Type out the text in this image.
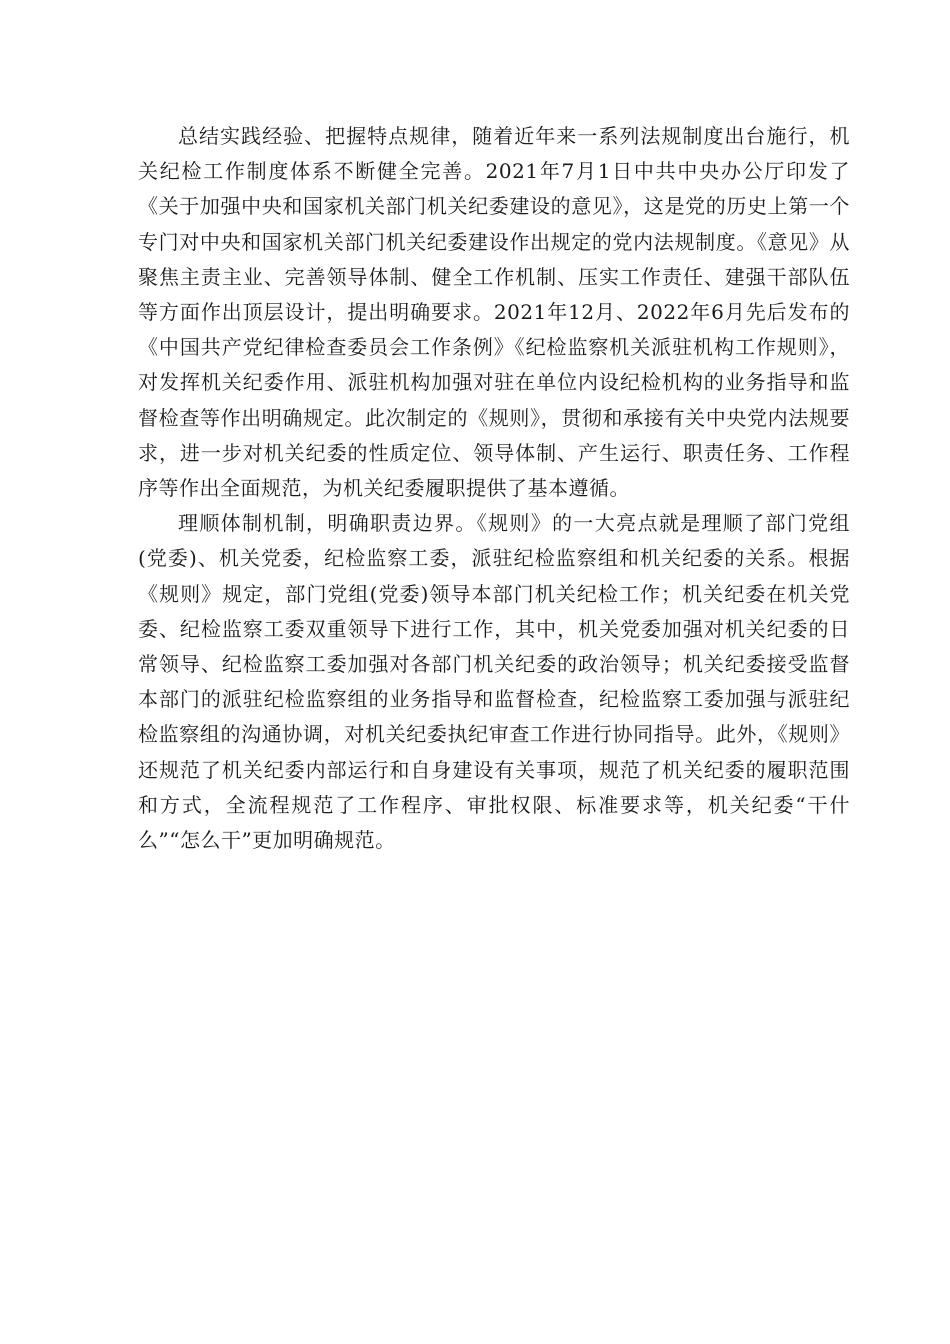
总结实践经验、把握特点规律，随着近年来一系列法规制度出台施行，机关纪检工作制度体系不断健全完善。2021年7月1日中共中央办公厅印发了《关于加强中央和国家机关部门机关纪委建设的意见》，这是党的历史上第一个专门对中央和国家机关部门机关纪委建设作出规定的党内法规制度。《意见》从聚焦主责主业、完善领导体制、健全工作机制、压实工作责任、建强干部队伍等方面作出顶层设计，提出明确要求。2021年12月、2022年6月先后发布的《中国共产党纪律检查委员会工作条例》《纪检监察机关派驻机构工作规则》，对发挥机关纪委作用、派驻机构加强对驻在单位内设纪检机构的业务指导和监督检查等作出明确规定。此次制定的《规则》，贯彻和承接有关中央党内法规要求，进一步对机关纪委的性质定位、领导体制、产生运行、职责任务、工作程序等作出全面规范，为机关纪委履职提供了基本遵循。

理顺体制机制，明确职责边界。《规则》的一大亮点就是理顺了部门党组(党委)、机关党委，纪检监察工委，派驻纪检监察组和机关纪委的关系。根据《规则》规定，部门党组(党委)领导本部门机关纪检工作；机关纪委在机关党委、纪检监察工委双重领导下进行工作，其中，机关党委加强对机关纪委的日常领导、纪检监察工委加强对各部门机关纪委的政治领导；机关纪委接受监督本部门的派驻纪检监察组的业务指导和监督检查，纪检监察工委加强与派驻纪检监察组的沟通协调，对机关纪委执纪审查工作进行协同指导。此外，《规则》还规范了机关纪委内部运行和自身建设有关事项，规范了机关纪委的履职范围和方式，全流程规范了工作程序、审批权限、标准要求等，机关纪委“干什么”“怎么干”更加明确规范。
